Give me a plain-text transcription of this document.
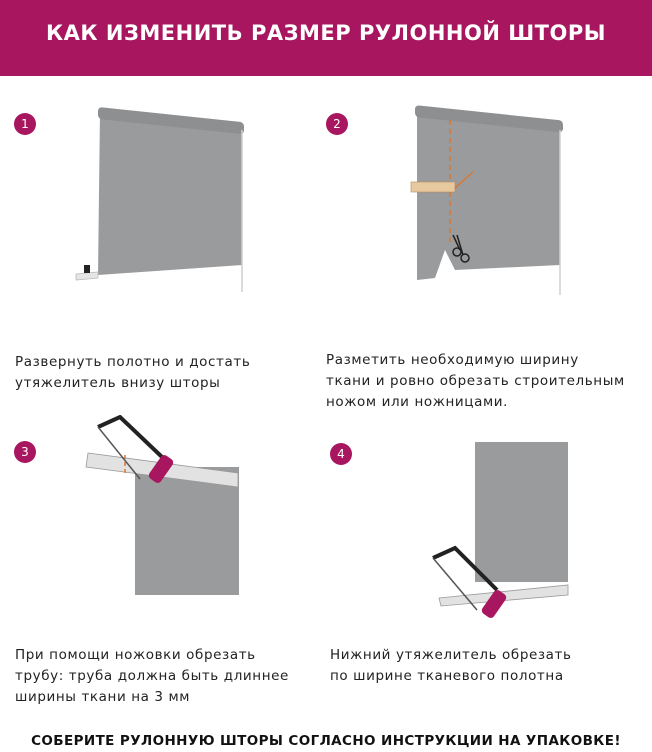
КАК ИЗМЕНИТЬ РАЗМЕР РУЛОННОЙ ШТОРЫ
1
Развернуть полотно и достать
утяжелитель внизу шторы
2
Разметить необходимую ширину
ткани и ровно обрезать строительным
ножом или ножницами.
3
При помощи ножовки обрезать
трубу: труба должна быть длиннее
ширины ткани на 3 мм
4
Нижний утяжелитель обрезать
по ширине тканевого полотна
СОБЕРИТЕ РУЛОННУЮ ШТОРЫ СОГЛАСНО ИНСТРУКЦИИ НА УПАКОВКЕ!
